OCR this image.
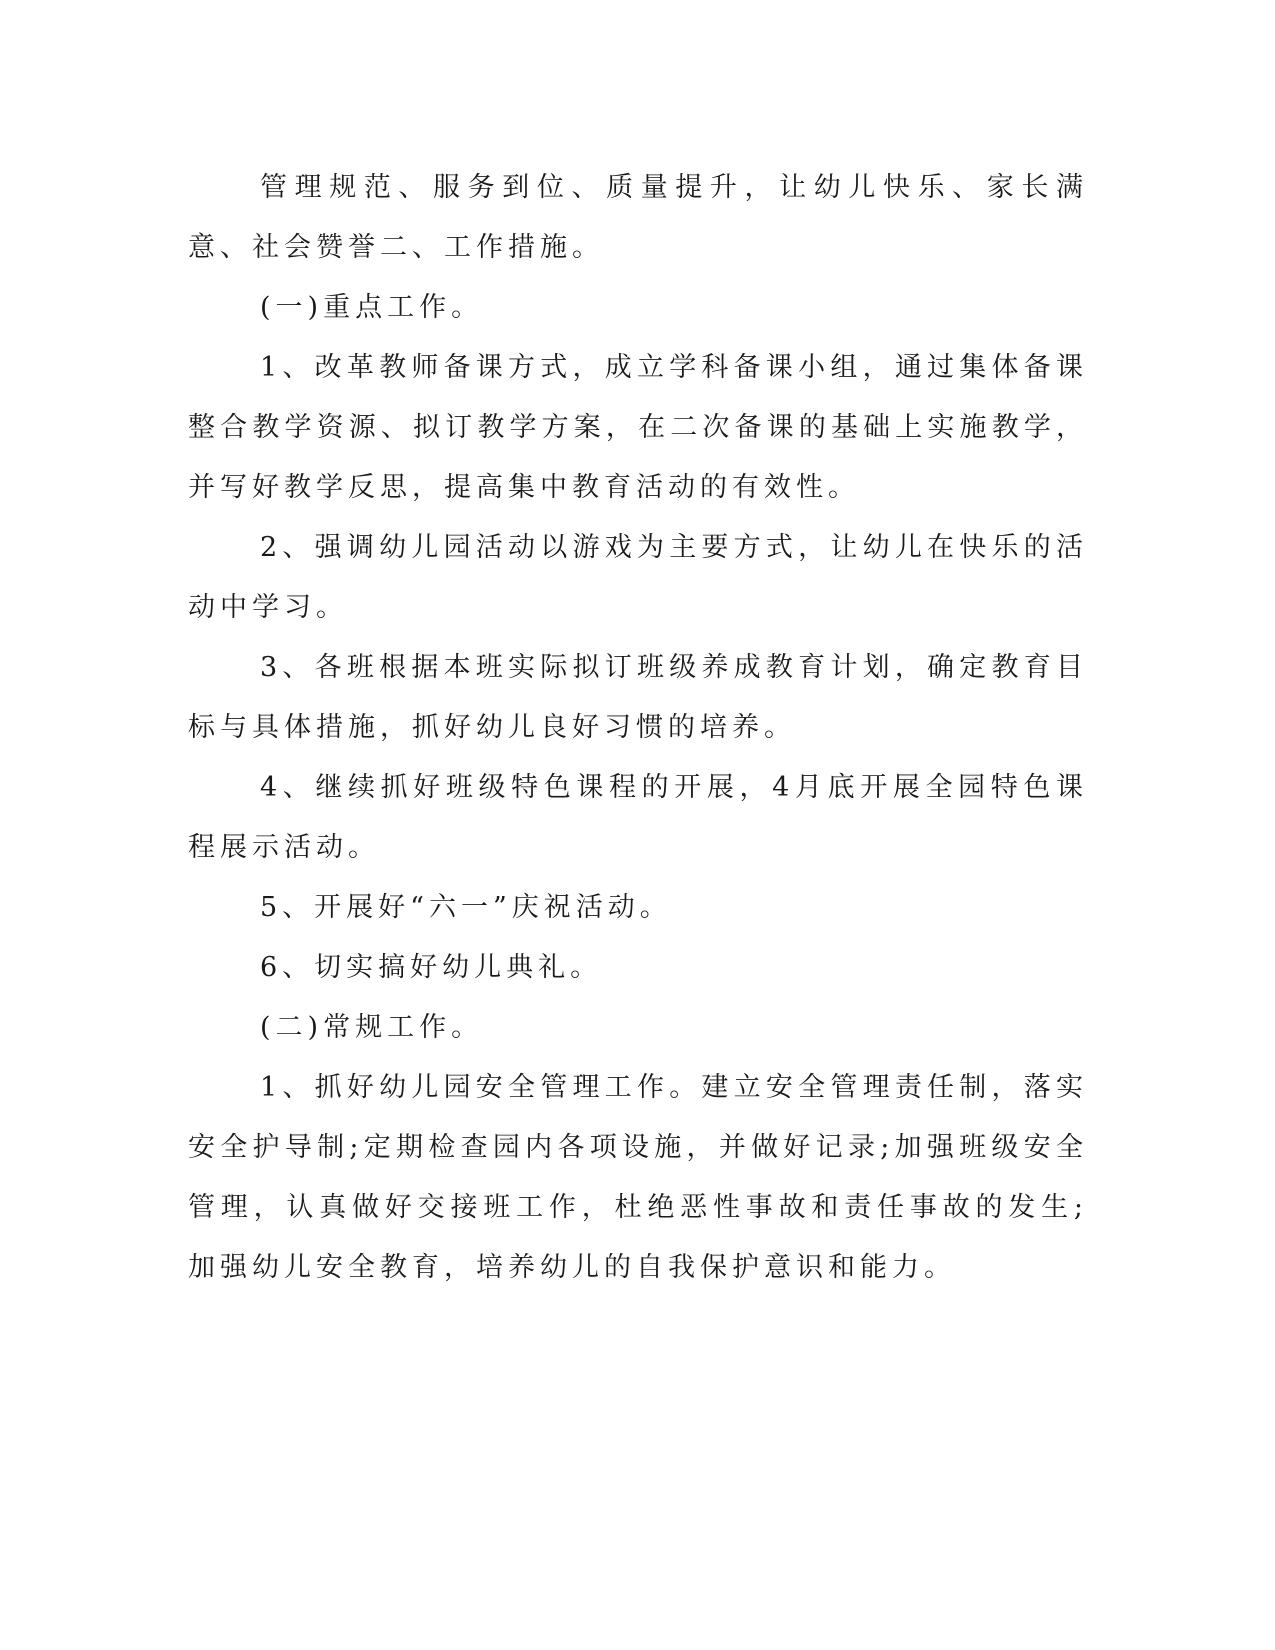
管理规范、服务到位、质量提升，让幼儿快乐、家长满意、社会赞誉二、工作措施。

(一)重点工作。

1、改革教师备课方式，成立学科备课小组，通过集体备课整合教学资源、拟订教学方案，在二次备课的基础上实施教学，并写好教学反思，提高集中教育活动的有效性。

2、强调幼儿园活动以游戏为主要方式，让幼儿在快乐的活动中学习。

3、各班根据本班实际拟订班级养成教育计划，确定教育目标与具体措施，抓好幼儿良好习惯的培养。

4、继续抓好班级特色课程的开展，4月底开展全园特色课程展示活动。

5、开展好“六一”庆祝活动。

6、切实搞好幼儿典礼。

(二)常规工作。

1、抓好幼儿园安全管理工作。建立安全管理责任制，落实安全护导制;定期检查园内各项设施，并做好记录;加强班级安全管理，认真做好交接班工作，杜绝恶性事故和责任事故的发生;加强幼儿安全教育，培养幼儿的自我保护意识和能力。
